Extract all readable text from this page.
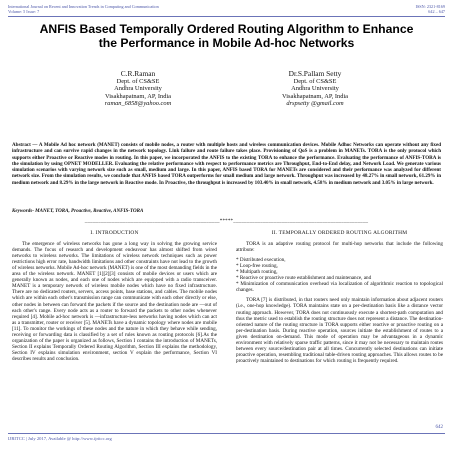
International Journal on Recent and Innovation Trends in Computing and Communication
Volume: 5 Issue: 7
ISSN: 2321-8169
642 – 647
ANFIS Based Temporally Ordered Routing Algorithm to Enhance the Performance in Mobile Ad-hoc Networks
C.R.Raman
Dept. of CS&SE
Andhra University
Visakhapatnam, AP, India
raman_6858@yahoo.com
Dr.S.Pallam Setty
Dept. of CS&SE
Andhra University
Visakhapatnam, AP, India
drspsetty @gmail.com
Abstract — A Mobile Ad hoc network (MANET) consists of mobile nodes, a router with multiple hosts and wireless communication devices. Mobile Adhoc Networks can operate without any fixed infrastructure and can survive rapid changes in the network topology. Link failure and route failure takes place. Provisioning of QoS is a problem in MANETs. TORA is the only protocol which supports either Proactive or Reactive modes in routing. In this paper, we incorporated the ANFIS to the existing TORA to enhance the performance. Evaluating the performance of ANFIS-TORA is the simulation by using OPNET MODELLER. Evaluating the relative performance with respect to performance metrics are Throughput, End-to-End delay, and Network Load. We generate various simulation scenarios with varying network size such as small, medium and large. In this paper, ANFIS based TORA for MANETs are considered and their performance was analyzed for different network size. From the simulation results, we conclude that ANFIS based TORA outperforms for small medium and large network. Throughput was increased by 48.27% in small network, 61.29% in medium network and 8.29% in the large network in Reactive mode. In Proactive, the throughput is increased by 103.40% in small network, 4.58% in medium network and 3.05% in large network.
Keywords- MANET, TORA, Proactive, Reactive, ANFIS-TORA
__________________________________________________*****__________________________________________________
I. INTRODUCTION

The emergence of wireless networks has gone a long way in solving the growing service demands. The focus of research and development endeavour has almost shifted from wired networks to wireless networks. The limitations of wireless network techniques such as power restrictions high error rate, bandwidth limitations and other constraints have not lead to the growth of wireless networks. Mobile Ad-hoc network (MANET) is one of the most demanding fields in the area of the wireless network. MANET [1][2][3] consists of mobile devices or users which are generally known as nodes, and each one of nodes which are equipped with a radio transceiver. MANET is a temporary network of wireless mobile nodes which have no fixed infrastructure. There are no dedicated routers, servers, access points, base stations, and cables. The mobile nodes which are within each other's transmission range can communicate with each other directly or else, other nodes in between can forward the packets if the source and the destination node are —out of each other's range. Every node acts as a router to forward the packets to other nodes whenever required [4]. Mobile ad-hoc network is —infrastructure-less networks having nodes which can act as a transmitter, router or receiver [5]. MANETs have a dynamic topology where nodes are mobile [11]. To monitor the workings of these nodes and the nature in which they behave while sending, receiving or forwarding data is classified by a set of rules known as routing protocols [6].As the organization of the paper is organized as follows, Section I contains the introduction of MANETs, Section II explains Temporally Ordered Routing Algorithm, Section III explains the methodology, Section IV explains simulation environment, section V explain the performance, Section VI describes results and conclusion.

II. TEMPORALLY ORDERED ROUTING ALGORITHM

TORA is an adaptive routing protocol for multi-hop networks that include the following attribute:

* Distributed execution,
* Loop-free routing,
* Multipath routing,
* Reactive or proactive route establishment and maintenance, and
* Minimization of communication overhead via localization of algorithmic reaction to topological changes.

TORA [7] is distributed, in that routers need only maintain information about adjacent routers (i.e., one-hop knowledge). TORA maintains state on a per-destination basis like a distance vector routing approach. However, TORA does not continuously execute a shortest-path computation and thus the metric used to establish the routing structure does not represent a distance. The destination-oriented nature of the routing structure in TORA supports either reactive or proactive routing on a per-destination basis. During reactive operation, sources initiate the establishment of routes to a given destination on-demand. This mode of operation may be advantageous in a dynamic environment with relatively sparse traffic patterns, since it may not be necessary to maintain routes between every source/destination pair at all times. Concurrently selected destinations can initiate proactive operation, resembling traditional table-driven routing approaches. This allows routes to be proactively maintained to destinations for which routing is frequently required.

642
IJRITCC | July 2017, Available @ http://www.ijritcc.org
